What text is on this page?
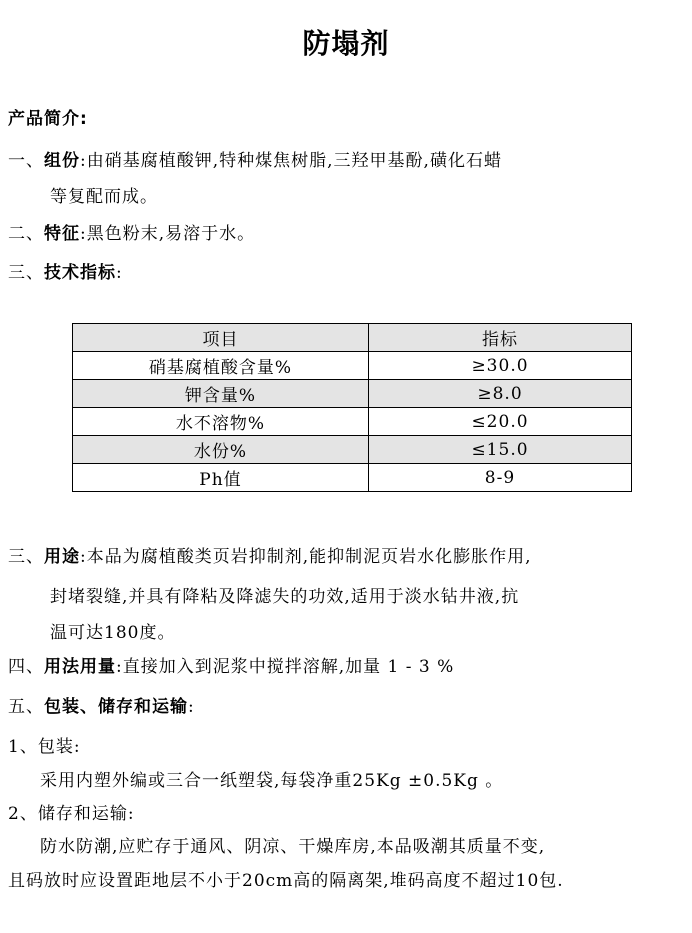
防塌剂
产品简介:
一、组份:由硝基腐植酸钾,特种煤焦树脂,三羟甲基酚,磺化石蜡
等复配而成。
二、特征:黑色粉末,易溶于水。
三、技术指标:
项目	指标
硝基腐植酸含量%	≥30.0
钾含量%	≥8.0
水不溶物%	≤20.0
水份%	≤15.0
Ph值	8-9
三、用途:本品为腐植酸类页岩抑制剂,能抑制泥页岩水化膨胀作用,
封堵裂缝,并具有降粘及降滤失的功效,适用于淡水钻井液,抗
温可达180度。
四、用法用量:直接加入到泥浆中搅拌溶解,加量 1 - 3 %
五、包装、储存和运输:
1、包装:
采用内塑外编或三合一纸塑袋,每袋净重25Kg ±0.5Kg 。
2、储存和运输:
防水防潮,应贮存于通风、阴凉、干燥库房,本品吸潮其质量不变,
且码放时应设置距地层不小于20cm高的隔离架,堆码高度不超过10包.
